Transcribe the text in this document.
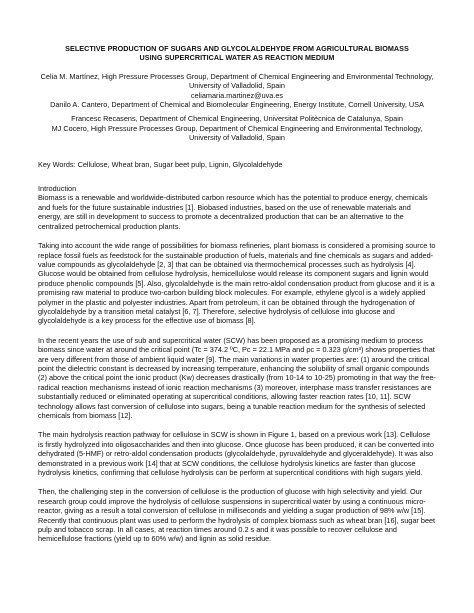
SELECTIVE PRODUCTION OF SUGARS AND GLYCOLALDEHYDE FROM AGRICULTURAL BIOMASS
USING SUPERCRITICAL WATER AS REACTION MEDIUM

Celia M. Martínez, High Pressure Processes Group, Department of Chemical Engineering and Environmental Technology, University of Valladolid, Spain

celiamaria.martinez@uva.es

Danilo A. Cantero, Department of Chemical and Biomolecular Engineering, Energy Institute, Cornell University, USA

Francesc Recasens, Department of Chemical Engineering, Universitat Politècnica de Catalunya, Spain

MJ Cocero, High Pressure Processes Group, Department of Chemical Engineering and Environmental Technology, University of Valladolid, Spain

Key Words: Cellulose, Wheat bran, Sugar beet pulp, Lignin, Glycolaldehyde

Introduction

Biomass is a renewable and worldwide-distributed carbon resource which has the potential to produce energy, chemicals and fuels for the future sustainable industries [1]. Biobased industries, based on the use of renewable materials and energy, are still in development to success to promote a decentralized production that can be an alternative to the centralized petrochemical production plants.

Taking into account the wide range of possibilities for biomass refineries, plant biomass is considered a promising source to replace fossil fuels as feedstock for the sustainable production of fuels, materials and fine chemicals as sugars and added-value compounds as glycolaldehyde [2, 3] that can be obtained via thermochemical processes such as hydrolysis [4]. Glucose would be obtained from cellulose hydrolysis, hemicellulose would release its component sugars and lignin would produce phenolic compounds [5]. Also, glycolaldehyde is the main retro-aldol condensation product from glucose and it is a promising raw material to produce two-carbon building block molecules. For example, ethylene glycol is a widely applied polymer in the plastic and polyester industries. Apart from petroleum, it can be obtained through the hydrogenation of glycolaldehyde by a transition metal catalyst [6, 7]. Therefore, selective hydrolysis of cellulose into glucose and glycolaldehyde is a key process for the effective use of biomass [8].

In the recent years the use of sub and supercritical water (SCW) has been proposed as a promising medium to process biomass since water at around the critical point (Tc = 374.2 ºC, Pc = 22.1 MPa and ρc = 0.323 g/cm³) shows properties that are very different from those of ambient liquid water [9]. The main variations in water properties are: (1) around the critical point the dielectric constant is decreased by increasing temperature, enhancing the solubility of small organic compounds (2) above the critical point the ionic product (Kw) decreases drastically (from 10-14 to 10-25) promoting in that way the free-radical reaction mechanisms instead of ionic reaction mechanisms (3) moreover, interphase mass transfer resistances are substantially reduced or eliminated operating at supercritical conditions, allowing faster reaction rates [10, 11]. SCW technology allows fast conversion of cellulose into sugars, being a tunable reaction medium for the synthesis of selected chemicals from biomass [12].

The main hydrolysis reaction pathway for cellulose in SCW is shown in Figure 1, based on a previous work [13]. Cellulose is firstly hydrolyzed into oligosaccharides and then into glucose. Once glucose has been produced, it can be converted into dehydrated (5-HMF) or retro-aldol condensation products (glycolaldehyde, pyruvaldehyde and glyceraldehyde). It was also demonstrated in a previous work [14] that at SCW conditions, the cellulose hydrolysis kinetics are faster than glucose hydrolysis kinetics, confirming that cellulose hydrolysis can be perform at supercritical conditions with high sugars yield.

Then, the challenging step in the conversion of cellulose is the production of glucose with high selectivity and yield. Our research group could improve the hydrolysis of cellulose suspensions in supercritical water by using a continuous micro-reactor, giving as a result a total conversion of cellulose in milliseconds and yielding a sugar production of 98% w/w [15]. Recently that continuous plant was used to perform the hydrolysis of complex biomass such as wheat bran [16], sugar beet pulp and tobacco scrap. In all cases, at reaction times around 0.2 s and it was possible to recover cellulose and hemicellulose fractions (yield up to 60% w/w) and lignin as solid residue.
